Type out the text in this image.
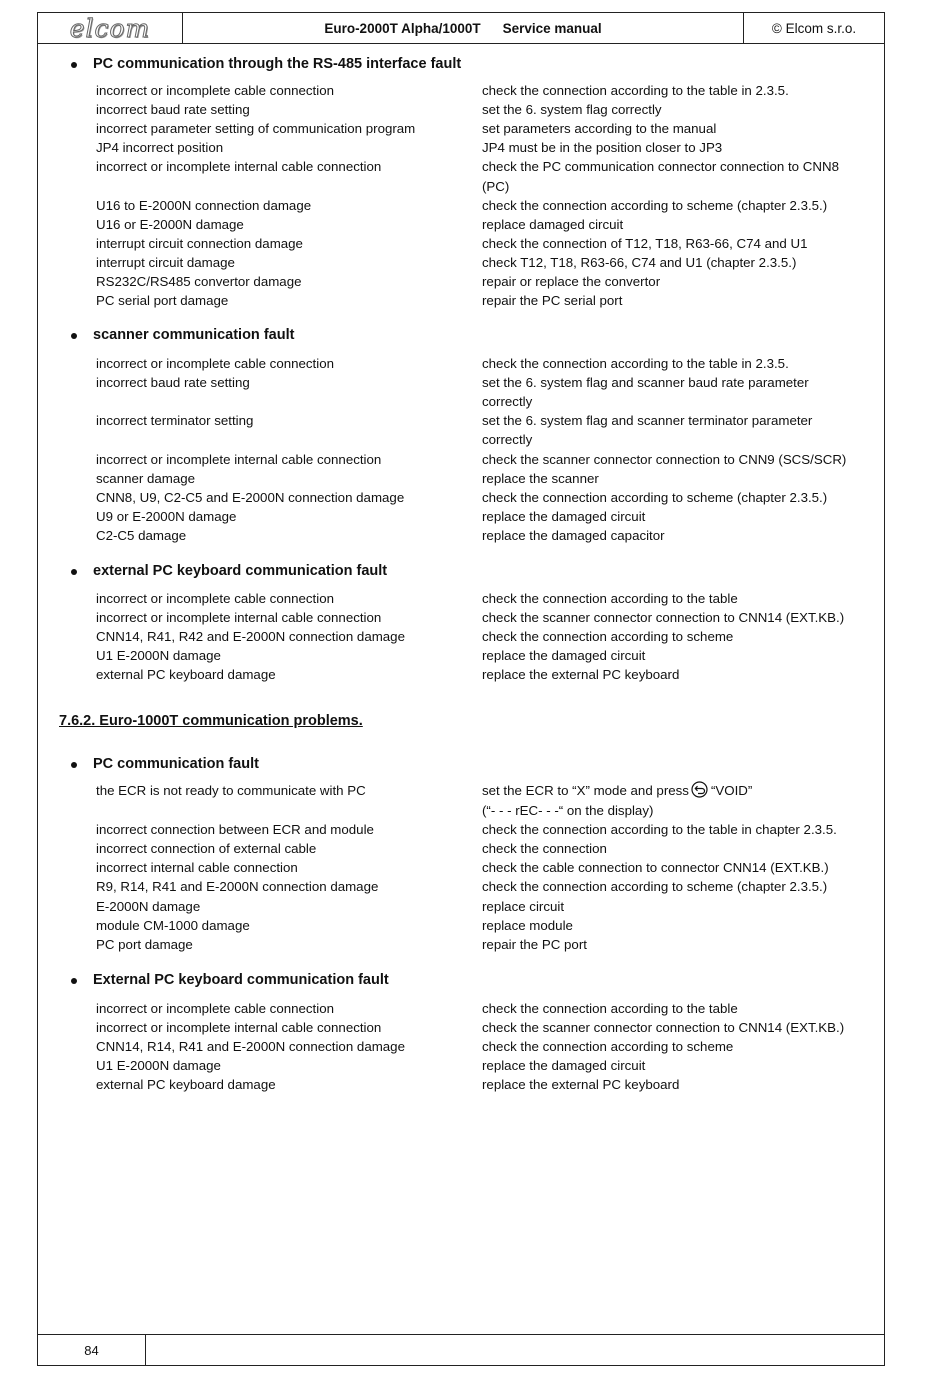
elcom	Euro-2000T Alpha/1000T Service manual	© Elcom s.r.o.
PC communication through the RS-485 interface fault
incorrect or incomplete cable connection	check the connection according to the table in 2.3.5.
incorrect baud rate setting	set the 6. system flag correctly
incorrect parameter setting of communication program	set parameters according to the manual
JP4 incorrect position	JP4 must be in the position closer to JP3
incorrect or incomplete internal cable connection	check the PC communication connector connection to CNN8
(PC)
U16 to E-2000N connection damage	check the connection according to scheme (chapter 2.3.5.)
U16 or E-2000N damage	replace damaged circuit
interrupt circuit connection damage	check the connection of T12, T18, R63-66, C74 and U1
interrupt circuit damage	check T12, T18, R63-66, C74 and U1 (chapter 2.3.5.)
RS232C/RS485 convertor damage	repair or replace the convertor
PC serial port damage	repair the PC serial port
scanner communication fault
incorrect or incomplete cable connection	check the connection according to the table in 2.3.5.
incorrect baud rate setting	set the 6. system flag and scanner baud rate parameter
correctly
incorrect terminator setting	set the 6. system flag and scanner terminator parameter
correctly
incorrect or incomplete internal cable connection	check the scanner connector connection to CNN9 (SCS/SCR)
scanner damage	replace the scanner
CNN8, U9, C2-C5 and E-2000N connection damage	check the connection according to scheme (chapter 2.3.5.)
U9 or E-2000N damage	replace the damaged circuit
C2-C5 damage	replace the damaged capacitor
external PC keyboard communication fault
incorrect or incomplete cable connection	check the connection according to the table
incorrect or incomplete internal cable connection	check the scanner connector connection to CNN14 (EXT.KB.)
CNN14, R41, R42 and E-2000N connection damage	check the connection according to scheme
U1 E-2000N damage	replace the damaged circuit
external PC keyboard damage	replace the external PC keyboard
7.6.2. Euro-1000T communication problems.
PC communication fault
the ECR is not ready to communicate with PC	set the ECR to “X” mode and press “VOID”
(“- - - rEC- - -“ on the display)
incorrect connection between ECR and module	check the connection according to the table in chapter 2.3.5.
incorrect connection of external cable	check the connection
incorrect internal cable connection	check the cable connection to connector CNN14 (EXT.KB.)
R9, R14, R41 and E-2000N connection damage	check the connection according to scheme (chapter 2.3.5.)
E-2000N damage	replace circuit
module CM-1000 damage	replace module
PC port damage	repair the PC port
External PC keyboard communication fault
incorrect or incomplete cable connection	check the connection according to the table
incorrect or incomplete internal cable connection	check the scanner connector connection to CNN14 (EXT.KB.)
CNN14, R14, R41 and E-2000N connection damage	check the connection according to scheme
U1 E-2000N damage	replace the damaged circuit
external PC keyboard damage	replace the external PC keyboard
84
